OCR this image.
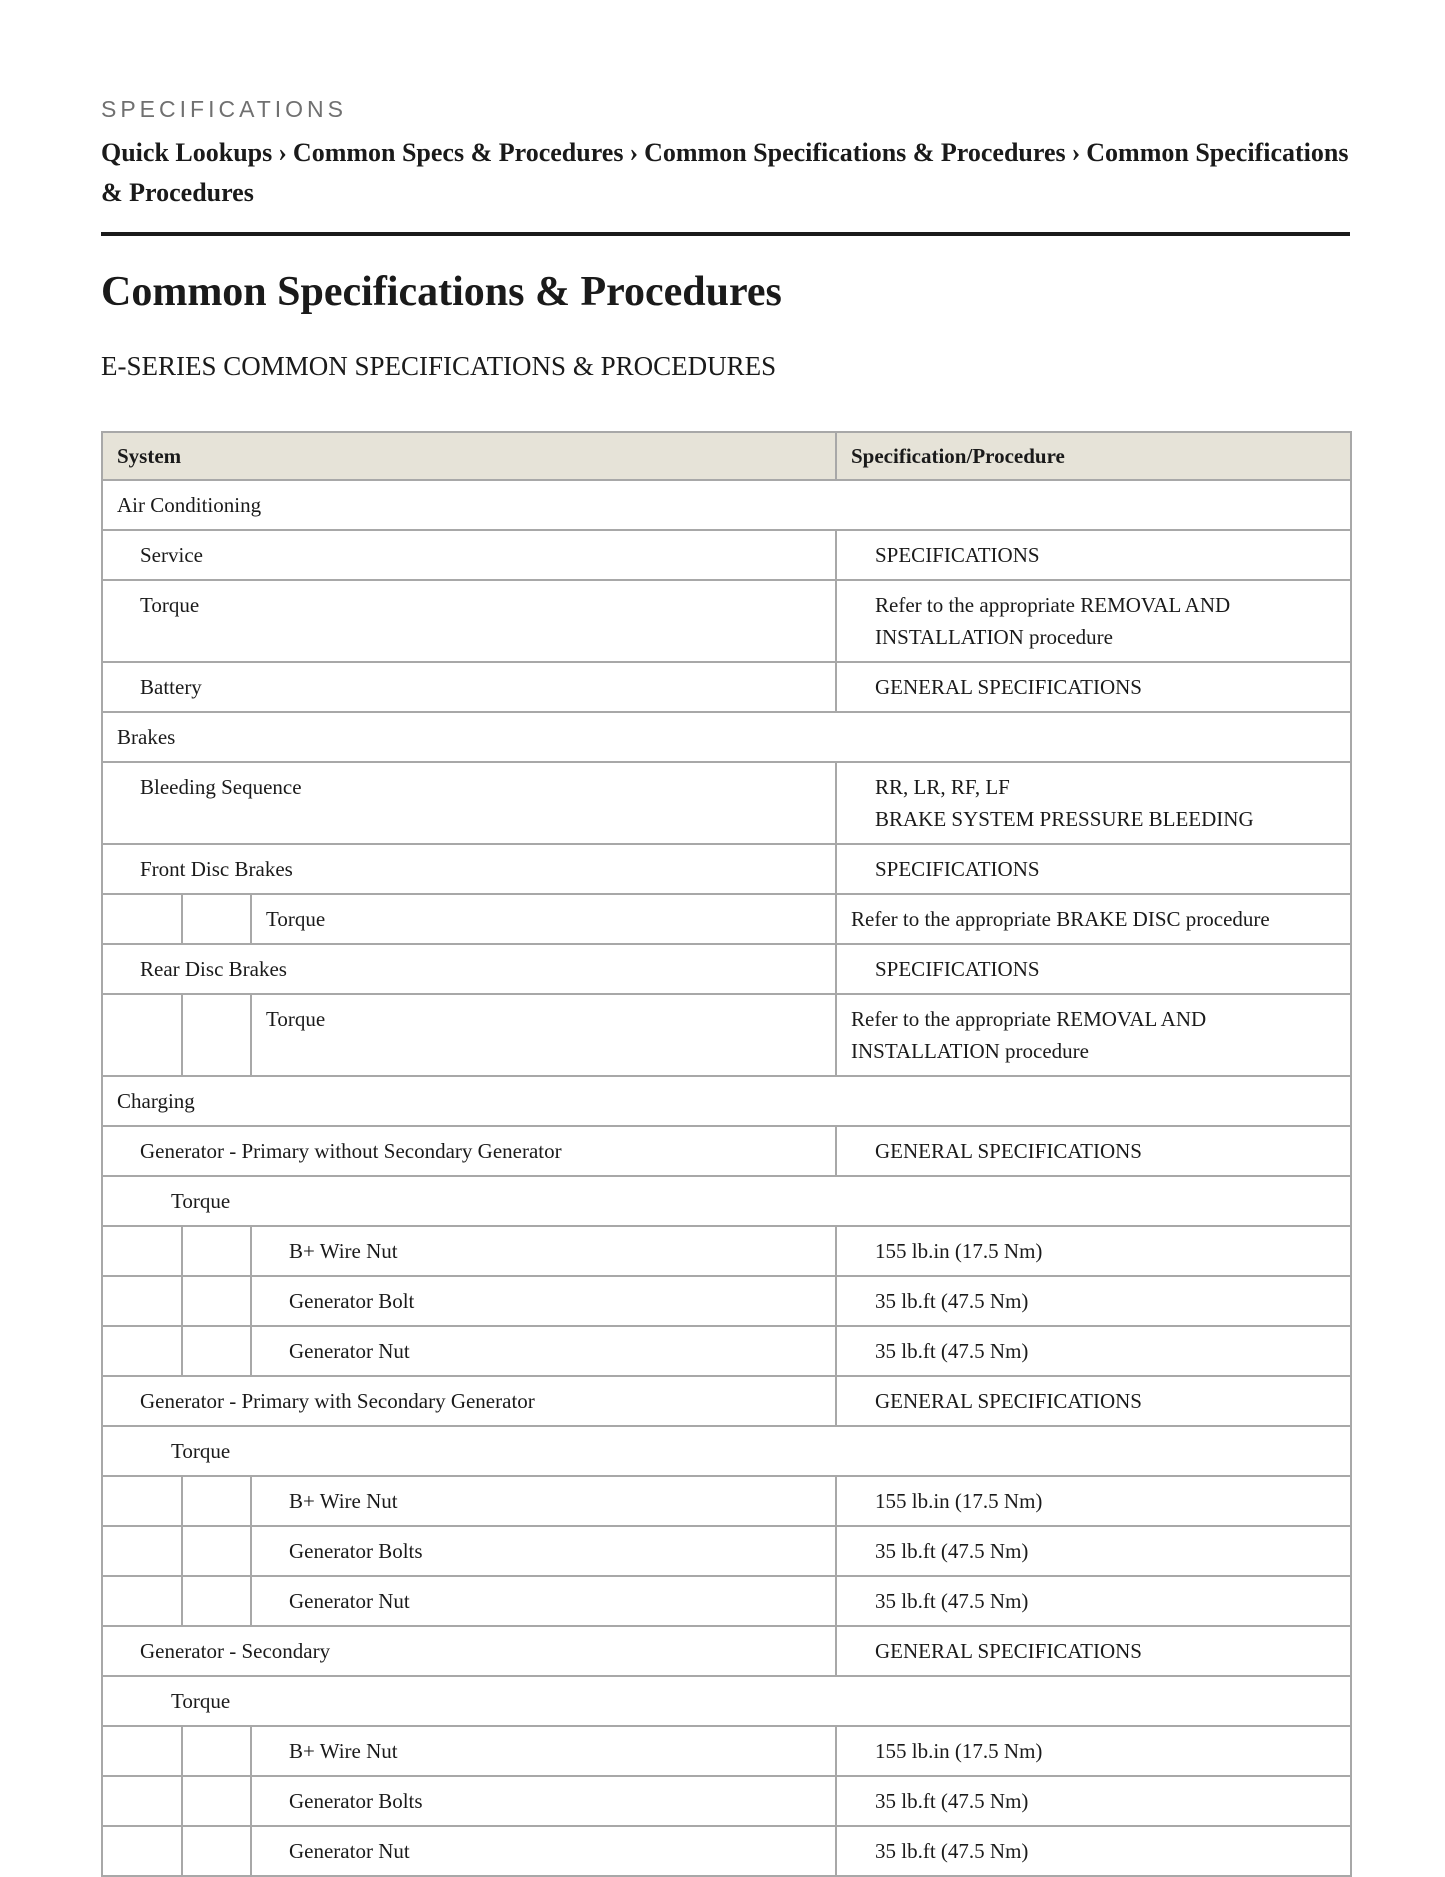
SPECIFICATIONS

Quick Lookups › Common Specs & Procedures › Common Specifications & Procedures › Common Specifications & Procedures
Common Specifications & Procedures
E-SERIES COMMON SPECIFICATIONS & PROCEDURES
System			Specification/Procedure
Air Conditioning			
Service			SPECIFICATIONS
Torque			Refer to the appropriate REMOVAL AND INSTALLATION procedure
Battery			GENERAL SPECIFICATIONS
Brakes			
Bleeding Sequence			RR, LR, RF, LF
BRAKE SYSTEM PRESSURE BLEEDING

Front Disc Brakes			SPECIFICATIONS
		Torque	Refer to the appropriate BRAKE DISC procedure
Rear Disc Brakes			SPECIFICATIONS
		Torque	Refer to the appropriate REMOVAL AND INSTALLATION procedure
Charging			
Generator - Primary without Secondary Generator			GENERAL SPECIFICATIONS
Torque			
		B+ Wire Nut	155 lb.in (17.5 Nm)
		Generator Bolt	35 lb.ft (47.5 Nm)
		Generator Nut	35 lb.ft (47.5 Nm)
Generator - Primary with Secondary Generator			GENERAL SPECIFICATIONS
Torque			
		B+ Wire Nut	155 lb.in (17.5 Nm)
		Generator Bolts	35 lb.ft (47.5 Nm)
		Generator Nut	35 lb.ft (47.5 Nm)
Generator - Secondary			GENERAL SPECIFICATIONS
Torque			
		B+ Wire Nut	155 lb.in (17.5 Nm)
		Generator Bolts	35 lb.ft (47.5 Nm)
		Generator Nut	35 lb.ft (47.5 Nm)
